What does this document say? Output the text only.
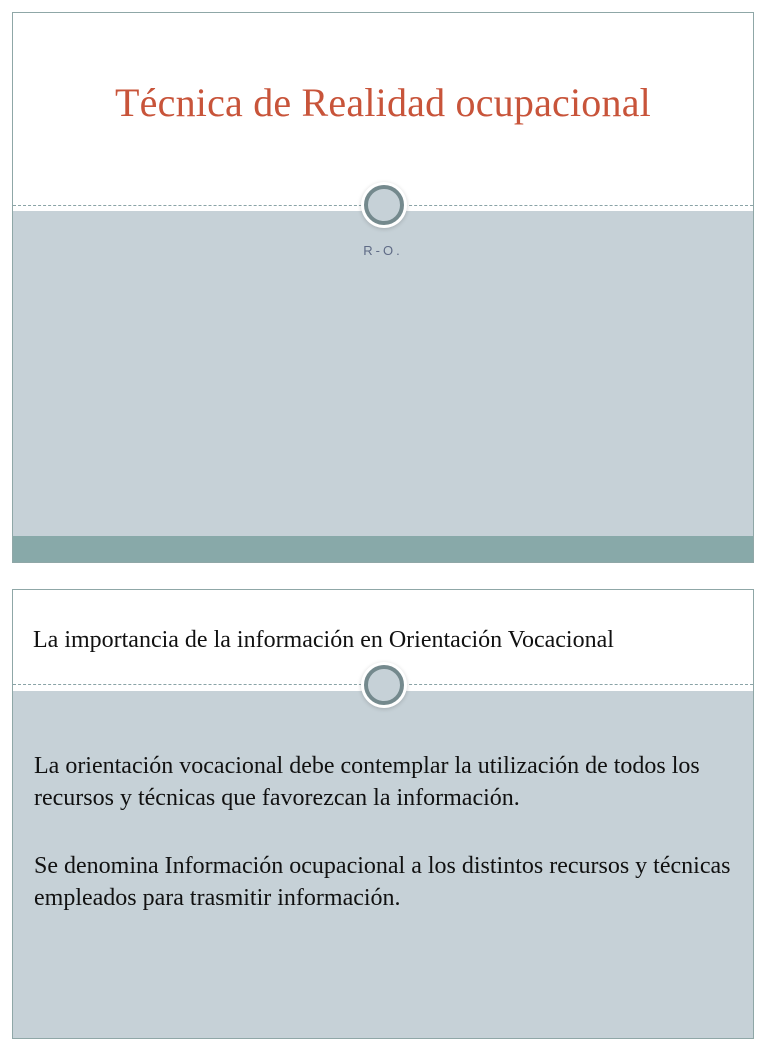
Técnica de Realidad ocupacional
R-O.
La importancia de la información en Orientación Vocacional

La orientación vocacional debe contemplar la utilización de todos los recursos y técnicas que favorezcan la información.

Se denomina Información ocupacional a los distintos recursos y técnicas empleados para trasmitir información.
